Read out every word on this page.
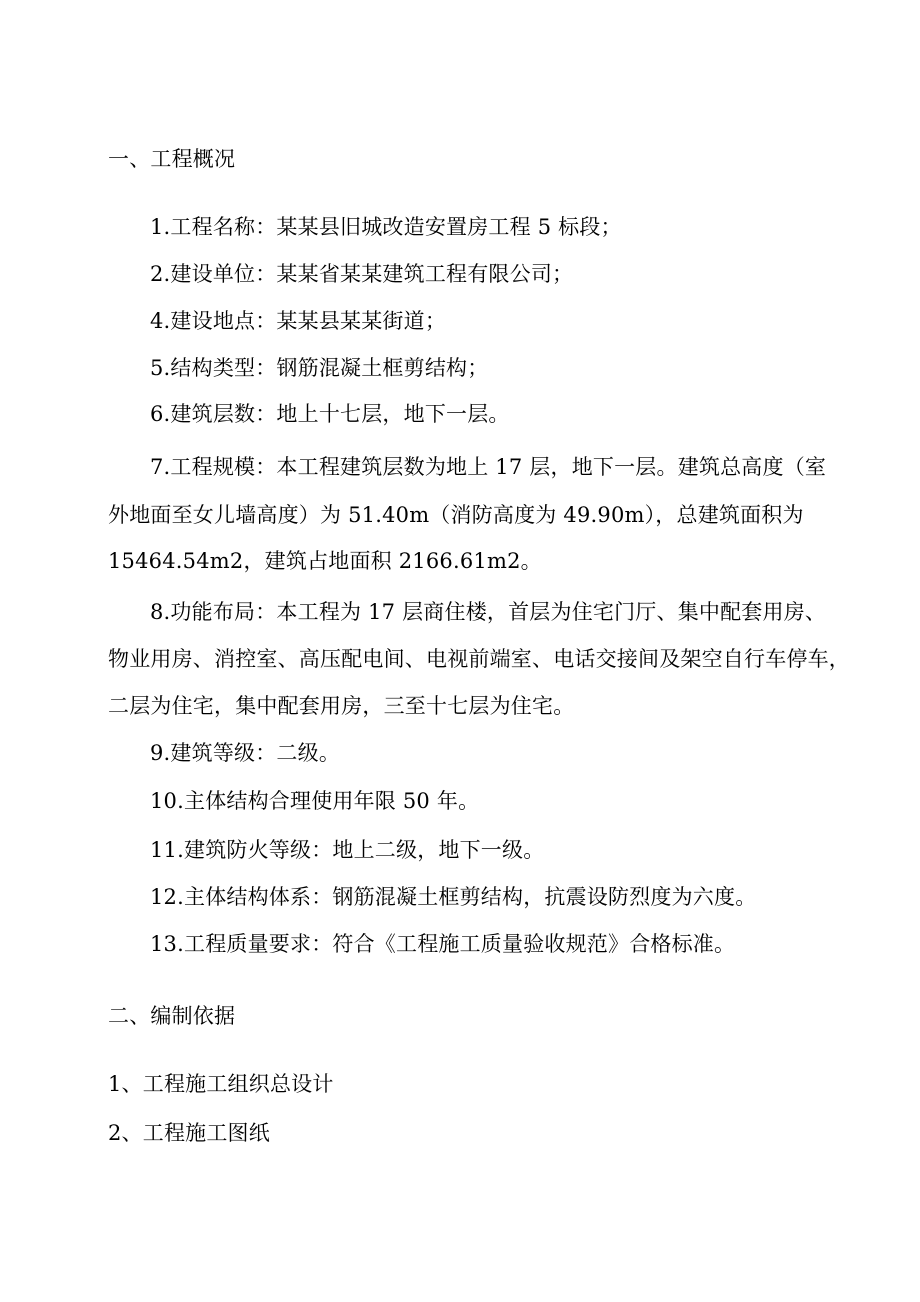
一、工程概况
1.工程名称：某某县旧城改造安置房工程 5 标段；
2.建设单位：某某省某某建筑工程有限公司；
4.建设地点：某某县某某街道；
5.结构类型：钢筋混凝土框剪结构；
6.建筑层数：地上十七层，地下一层。
7.工程规模：本工程建筑层数为地上 17 层，地下一层。建筑总高度（室
外地面至女儿墙高度）为 51.40m（消防高度为 49.90m），总建筑面积为
15464.54m2，建筑占地面积 2166.61m2。
8.功能布局：本工程为 17 层商住楼，首层为住宅门厅、集中配套用房、
物业用房、消控室、高压配电间、电视前端室、电话交接间及架空自行车停车，
二层为住宅，集中配套用房，三至十七层为住宅。
9.建筑等级：二级。
10.主体结构合理使用年限 50 年。
11.建筑防火等级：地上二级，地下一级。
12.主体结构体系：钢筋混凝土框剪结构，抗震设防烈度为六度。
13.工程质量要求：符合《工程施工质量验收规范》合格标准。
二、编制依据
1、工程施工组织总设计
2、工程施工图纸
